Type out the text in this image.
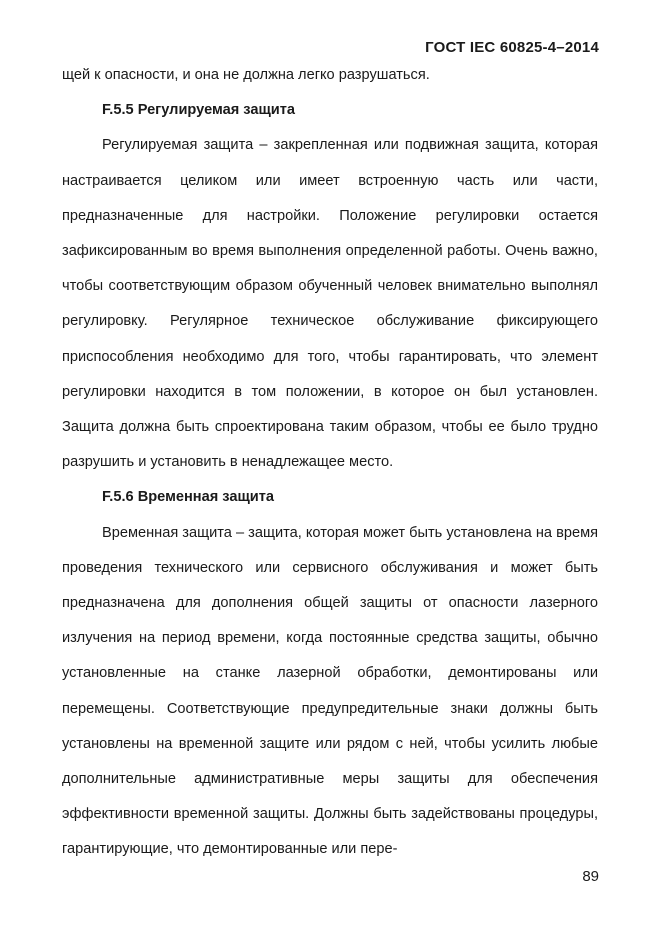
ГОСТ IEC 60825-4–2014

щей к опасности, и она не должна легко разрушаться.

F.5.5 Регулируемая защита

Регулируемая защита – закрепленная или подвижная защита, которая настраивается целиком или имеет встроенную часть или части, предназначенные для настройки. Положение регулировки остается зафиксированным во время выполнения определенной работы. Очень важно, чтобы соответствующим образом обученный человек внимательно выполнял регулировку. Регулярное техническое обслуживание фиксирующего приспособления необходимо для того, чтобы гарантировать, что элемент регулировки находится в том положении, в которое он был установлен. Защита должна быть спроектирована таким образом, чтобы ее было трудно разрушить и установить в ненадлежащее место.

F.5.6 Временная защита

Временная защита – защита, которая может быть установлена на время проведения технического или сервисного обслуживания и может быть предназначена для дополнения общей защиты от опасности лазерного излучения на период времени, когда постоянные средства защиты, обычно установленные на станке лазерной обработки, демонтированы или перемещены. Соответствующие предупредительные знаки должны быть установлены на временной защите или рядом с ней, чтобы усилить любые дополнительные административные меры защиты для обеспечения эффективности временной защиты. Должны быть задействованы процедуры, гарантирующие, что демонтированные или пере-

89
